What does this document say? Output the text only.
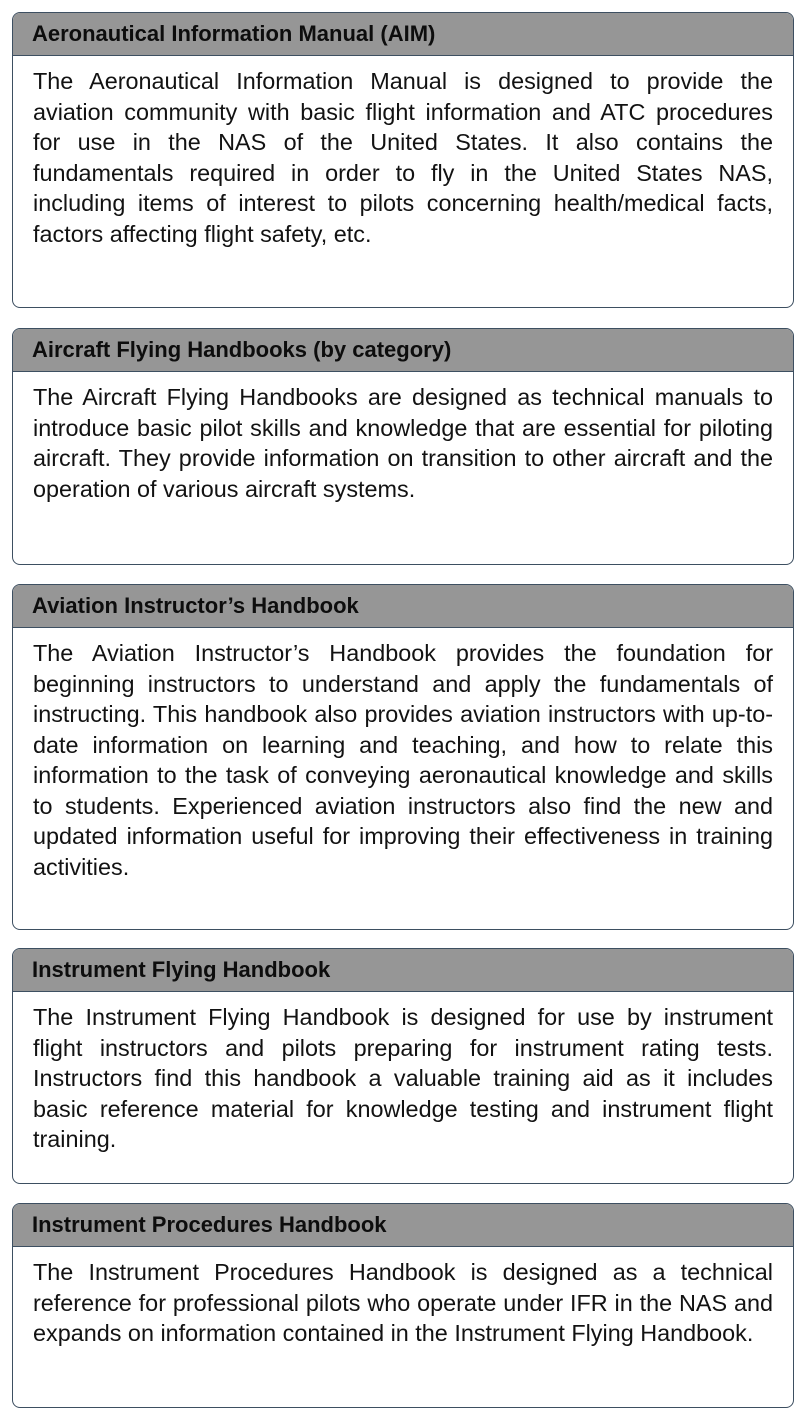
Aeronautical Information Manual (AIM)

The Aeronautical Information Manual is designed to provide the aviation community with basic flight information and ATC procedures for use in the NAS of the United States. It also contains the fundamentals required in order to fly in the United States NAS, including items of interest to pilots concerning health/medical facts, factors affecting flight safety, etc.

Aircraft Flying Handbooks (by category)

The Aircraft Flying Handbooks are designed as technical manuals to introduce basic pilot skills and knowledge that are essential for piloting aircraft. They provide information on transition to other aircraft and the operation of various aircraft systems.

Aviation Instructor’s Handbook

The Aviation Instructor’s Handbook provides the foundation for beginning instructors to understand and apply the fundamentals of instructing. This handbook also provides aviation instructors with up-to-date information on learning and teaching, and how to relate this information to the task of conveying aeronautical knowledge and skills to students. Experienced aviation instructors also find the new and updated information useful for improving their effectiveness in training activities.

Instrument Flying Handbook

The Instrument Flying Handbook is designed for use by instrument flight instructors and pilots preparing for instrument rating tests. Instructors find this handbook a valuable training aid as it includes basic reference material for knowledge testing and instrument flight training.

Instrument Procedures Handbook

The Instrument Procedures Handbook is designed as a technical reference for professional pilots who operate under IFR in the NAS and expands on information contained in the Instrument Flying Handbook.
